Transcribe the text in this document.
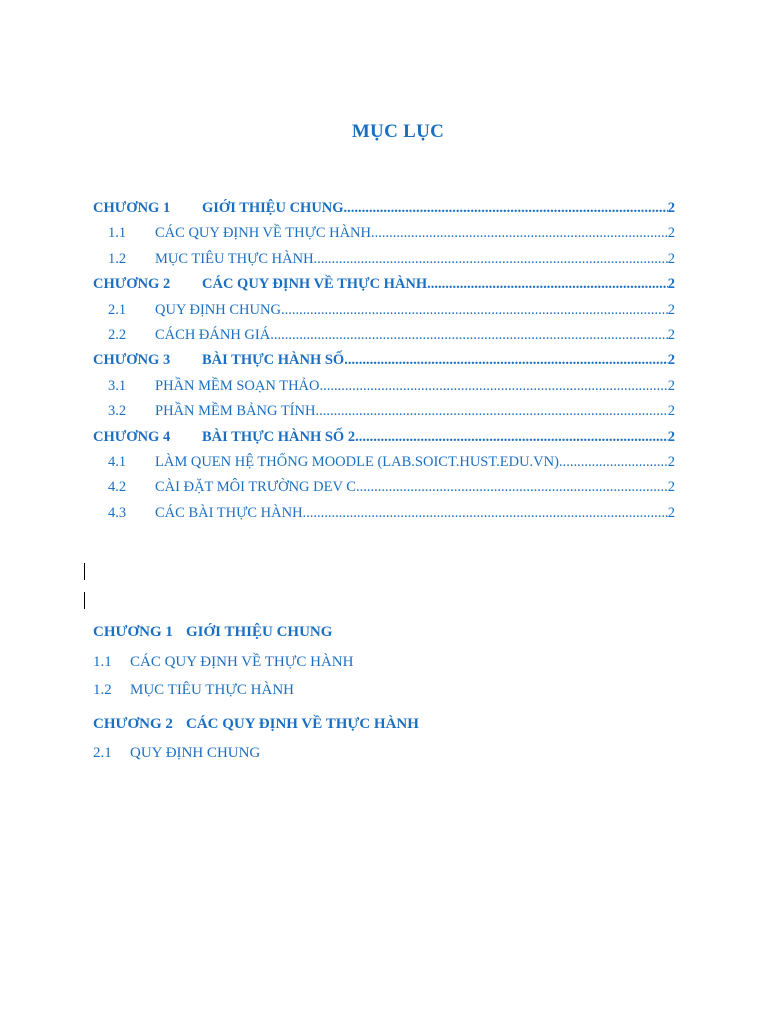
MỤC LỤC
CHƯƠNG 1	GIỚI THIỆU CHUNG .....	2
1.1	CÁC QUY ĐỊNH VỀ THỰC HÀNH .....	2
1.2	MỤC TIÊU THỰC HÀNH .....	2
CHƯƠNG 2	CÁC QUY ĐỊNH VỀ THỰC HÀNH .....	2
2.1	QUY ĐỊNH CHUNG .....	2
2.2	CÁCH ĐÁNH GIÁ .....	2
CHƯƠNG 3	BÀI THỰC HÀNH SỐ .....	2
3.1	PHẦN MỀM SOẠN THẢO .....	2
3.2	PHẦN MỀM BẢNG TÍNH .....	2
CHƯƠNG 4	BÀI THỰC HÀNH SỐ 2 .....	2
4.1	LÀM QUEN HỆ THỐNG MOODLE (LAB.SOICT.HUST.EDU.VN) .....	2
4.2	CÀI ĐẶT MÔI TRƯỜNG DEV C .....	2
4.3	CÁC BÀI THỰC HÀNH .....	2
CHƯƠNG 1 GIỚI THIỆU CHUNG
1.1 CÁC QUY ĐỊNH VỀ THỰC HÀNH
1.2 MỤC TIÊU THỰC HÀNH
CHƯƠNG 2 CÁC QUY ĐỊNH VỀ THỰC HÀNH
2.1 QUY ĐỊNH CHUNG
